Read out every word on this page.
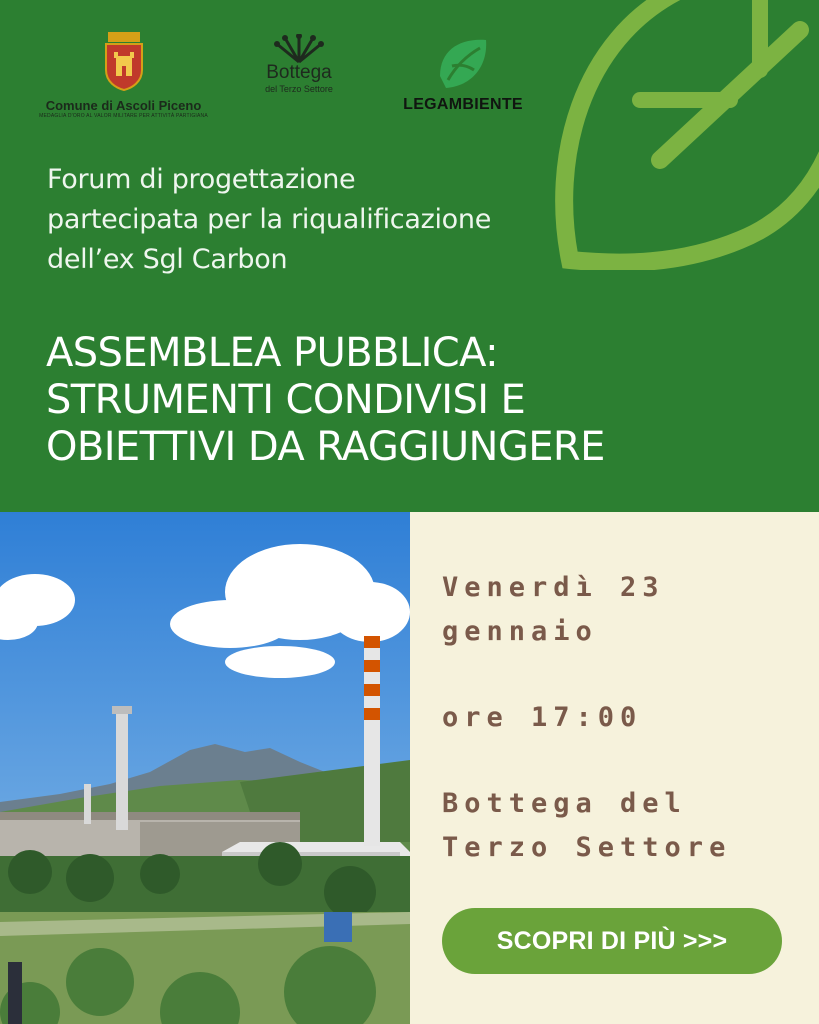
Comune di Ascoli Piceno
MEDAGLIA D'ORO AL VALOR MILITARE PER ATTIVITÀ PARTIGIANA
Bottega
del Terzo Settore
LEGAMBIENTE
Forum di progettazione
partecipata per la riqualificazione
dell’ex Sgl Carbon
ASSEMBLEA PUBBLICA:
STRUMENTI CONDIVISI E
OBIETTIVI DA RAGGIUNGERE
Venerdì 23
gennaio
ore 17:00
Bottega del
Terzo Settore
SCOPRI DI PIÙ >>>
